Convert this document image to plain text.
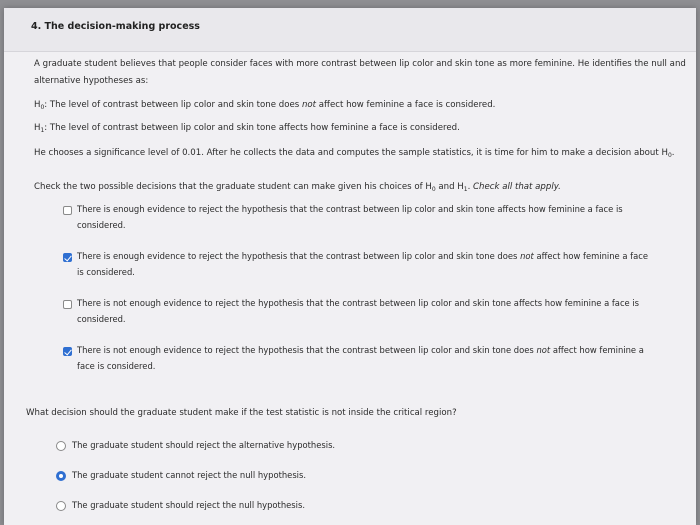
4. The decision-making process
A graduate student believes that people consider faces with more contrast between lip color and skin tone as more feminine. He identifies the null and
alternative hypotheses as:
$H_0$: The level of contrast between lip color and skin tone does not affect how feminine a face is considered.
$H_1$: The level of contrast between lip color and skin tone affects how feminine a face is considered.
He chooses a significance level of 0.01. After he collects the data and computes the sample statistics, it is time for him to make a decision about $H_0$.
Check the two possible decisions that the graduate student can make given his choices of $H_0$ and $H_1$. Check all that apply.
There is enough evidence to reject the hypothesis that the contrast between lip color and skin tone affects how feminine a face is
considered.
There is enough evidence to reject the hypothesis that the contrast between lip color and skin tone does not affect how feminine a face
is considered.
There is not enough evidence to reject the hypothesis that the contrast between lip color and skin tone affects how feminine a face is
considered.
There is not enough evidence to reject the hypothesis that the contrast between lip color and skin tone does not affect how feminine a
face is considered.
What decision should the graduate student make if the test statistic is not inside the critical region?
The graduate student should reject the alternative hypothesis.
The graduate student cannot reject the null hypothesis.
The graduate student should reject the null hypothesis.
